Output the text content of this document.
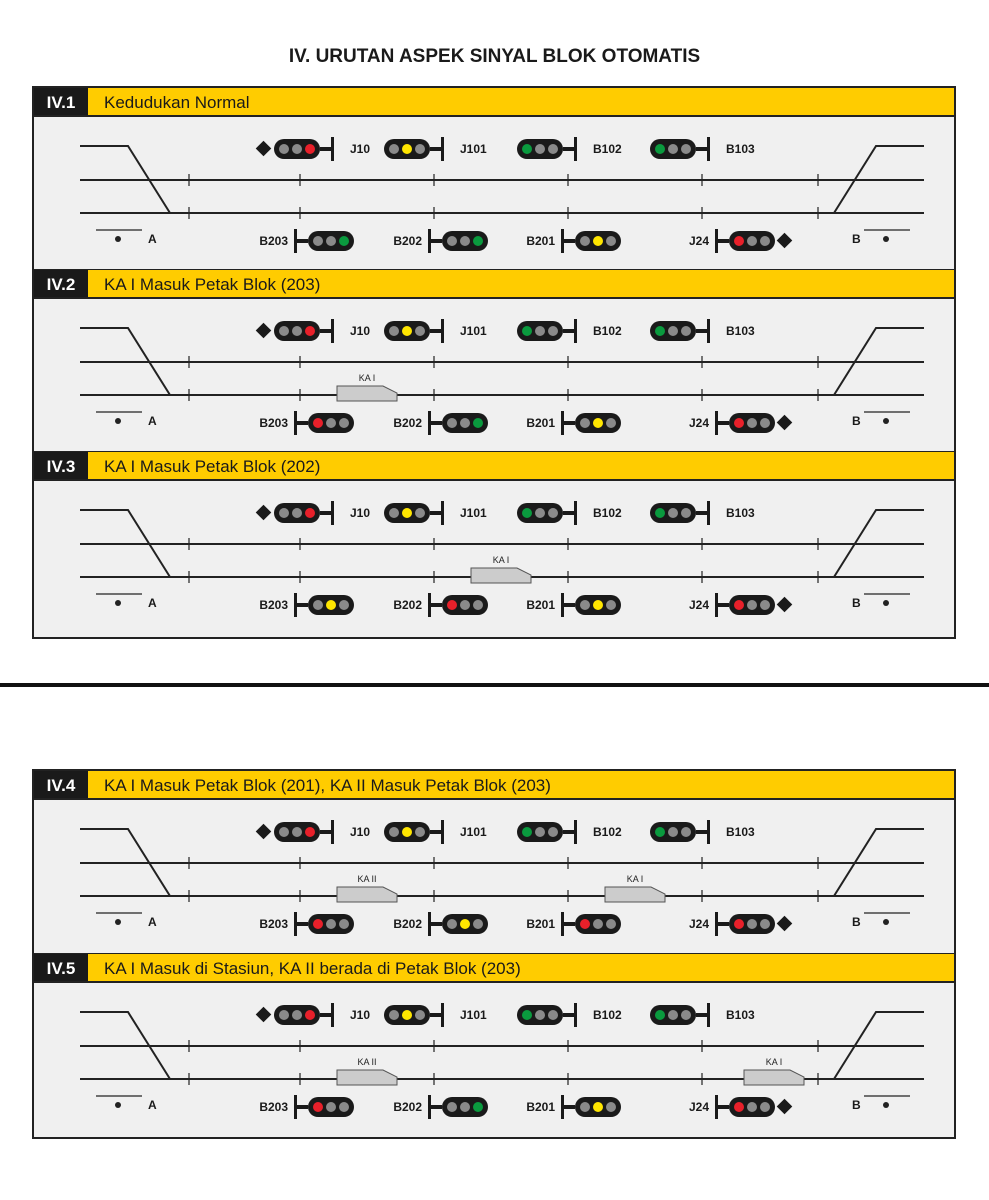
IV. URUTAN ASPEK SINYAL BLOK OTOMATIS
IV.1 Kedudukan Normal
A	B
J10	J101	B102	B103
B203	B202	B201	J24
IV.2 KA I Masuk Petak Blok (203)
A	B
J10	J101	B102	B103
B203	B202	B201	J24
KA I
IV.3 KA I Masuk Petak Blok (202)
A	B
J10	J101	B102	B103
B203	B202	B201	J24
KA I
IV.4 KA I Masuk Petak Blok (201), KA II Masuk Petak Blok (203)
A	B
J10	J101	B102	B103
B203	B202	B201	J24
KA II	KA I
IV.5 KA I Masuk di Stasiun, KA II berada di Petak Blok (203)
A	B
J10	J101	B102	B103
B203	B202	B201	J24
KA II	KA I
